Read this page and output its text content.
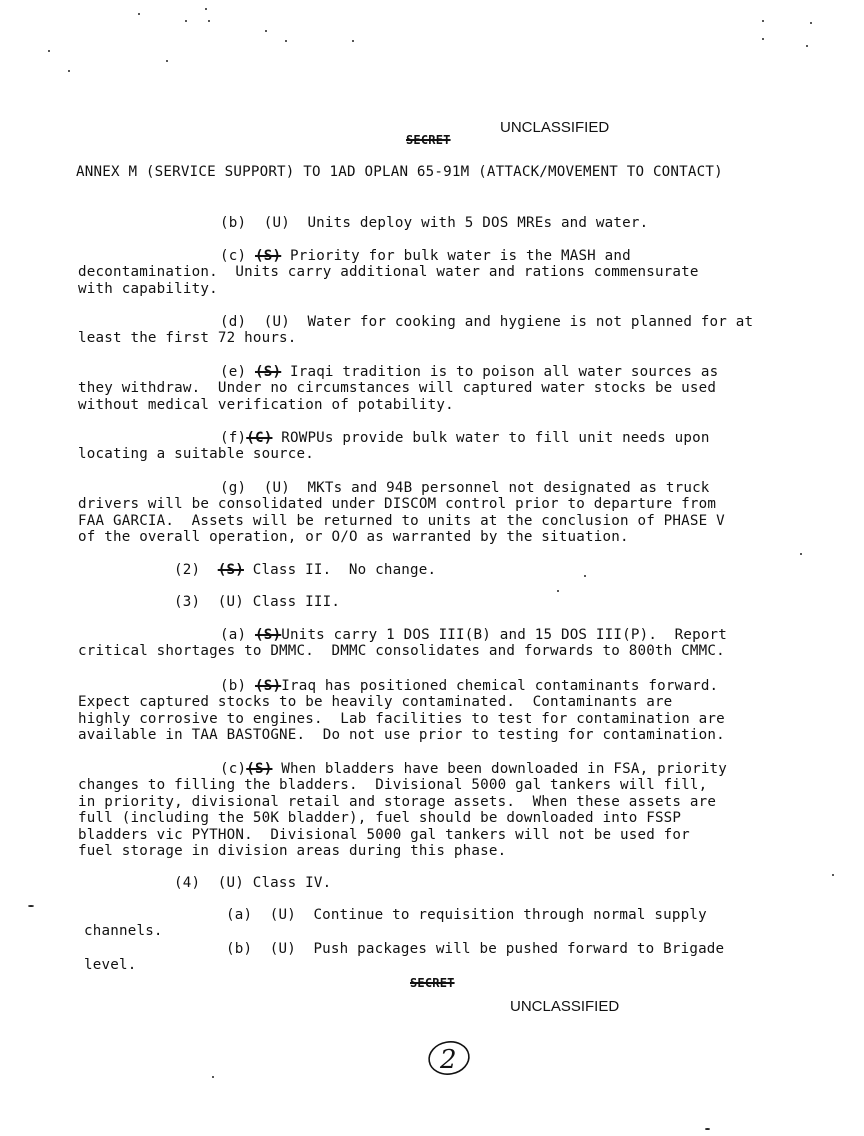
SECRET
UNCLASSIFIED
ANNEX M (SERVICE SUPPORT) TO 1AD OPLAN 65-91M (ATTACK/MOVEMENT TO CONTACT)
(b) (U) Units deploy with 5 DOS MREs and water.
(c) (S) Priority for bulk water is the MASH and
decontamination.  Units carry additional water and rations commensurate
with capability.
(d) (U) Water for cooking and hygiene is not planned for at
least the first 72 hours.
(e) (S) Iraqi tradition is to poison all water sources as
they withdraw.  Under no circumstances will captured water stocks be used
without medical verification of potability.
(f)(C) ROWPUs provide bulk water to fill unit needs upon
locating a suitable source.
(g) (U) MKTs and 94B personnel not designated as truck
drivers will be consolidated under DISCOM control prior to departure from
FAA GARCIA.  Assets will be returned to units at the conclusion of PHASE V
of the overall operation, or O/O as warranted by the situation.
(2) (S) Class II.  No change.
(3) (U) Class III.
(a) (S)Units carry 1 DOS III(B) and 15 DOS III(P).  Report
critical shortages to DMMC.  DMMC consolidates and forwards to 800th CMMC.
(b) (S)Iraq has positioned chemical contaminants forward.
Expect captured stocks to be heavily contaminated.  Contaminants are
highly corrosive to engines.  Lab facilities to test for contamination are
available in TAA BASTOGNE.  Do not use prior to testing for contamination.
(c)(S) When bladders have been downloaded in FSA, priority
changes to filling the bladders.  Divisional 5000 gal tankers will fill,
in priority, divisional retail and storage assets.  When these assets are
full (including the 50K bladder), fuel should be downloaded into FSSP
bladders vic PYTHON.  Divisional 5000 gal tankers will not be used for
fuel storage in division areas during this phase.
(4) (U) Class IV.
(a) (U) Continue to requisition through normal supply
channels.
(b) (U) Push packages will be pushed forward to Brigade
level.
SECRET
UNCLASSIFIED
2
